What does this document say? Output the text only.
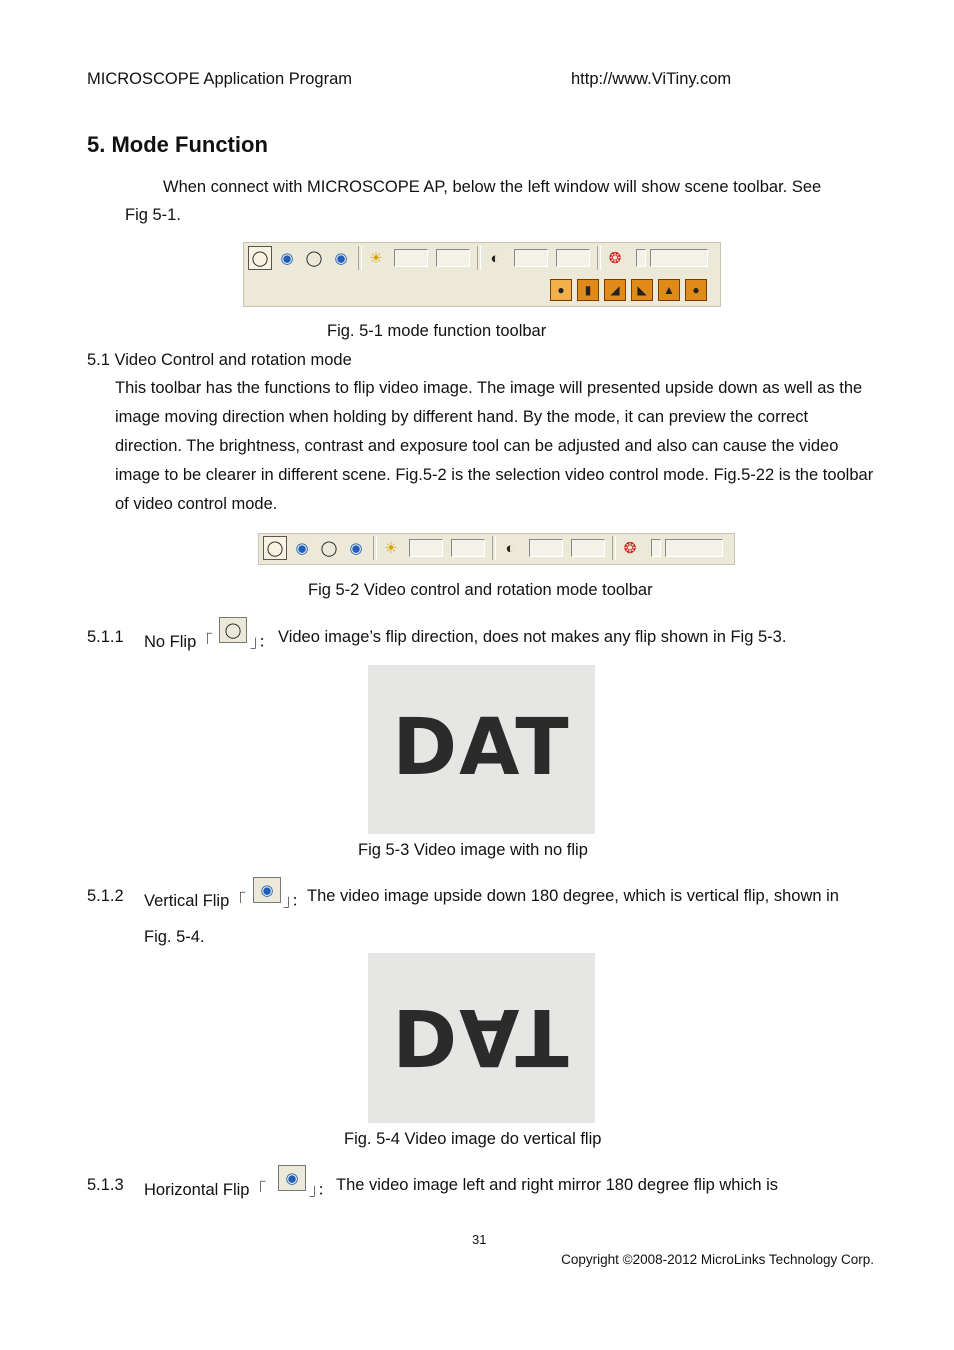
MICROSCOPE Application Program	http://www.ViTiny.com
5. Mode Function
When connect with MICROSCOPE AP, below the left window will show scene toolbar. See
Fig 5-1.
◯ ◉ ◯ ◉	☀	◐	❂
●	▮	◢	◣	▲	●
Fig. 5-1 mode function toolbar
5.1 Video Control and rotation mode
This toolbar has the functions to flip video image. The image will presented upside down as well as the image moving direction when holding by different hand. By the mode, it can preview the correct direction. The brightness, contrast and exposure tool can be adjusted and also can cause the video image to be clearer in different scene. Fig.5-2 is the selection video control mode. Fig.5-22 is the toolbar of video control mode.
◯ ◉ ◯ ◉	☀	◐	❂
Fig 5-2 Video control and rotation mode toolbar
5.1.1 No Flip「
◯
」： Video image’s flip direction, does not makes any flip shown in Fig 5-3.
DAT
Fig 5-3 Video image with no flip
5.1.2 Vertical Flip「
◉
」： The video image upside down 180 degree, which is vertical flip, shown in
Fig. 5-4.
DAT
Fig. 5-4 Video image do vertical flip
5.1.3 Horizontal Flip「
◉
」： The video image left and right mirror 180 degree flip which is
31
Copyright ©2008-2012 MicroLinks Technology Corp.
